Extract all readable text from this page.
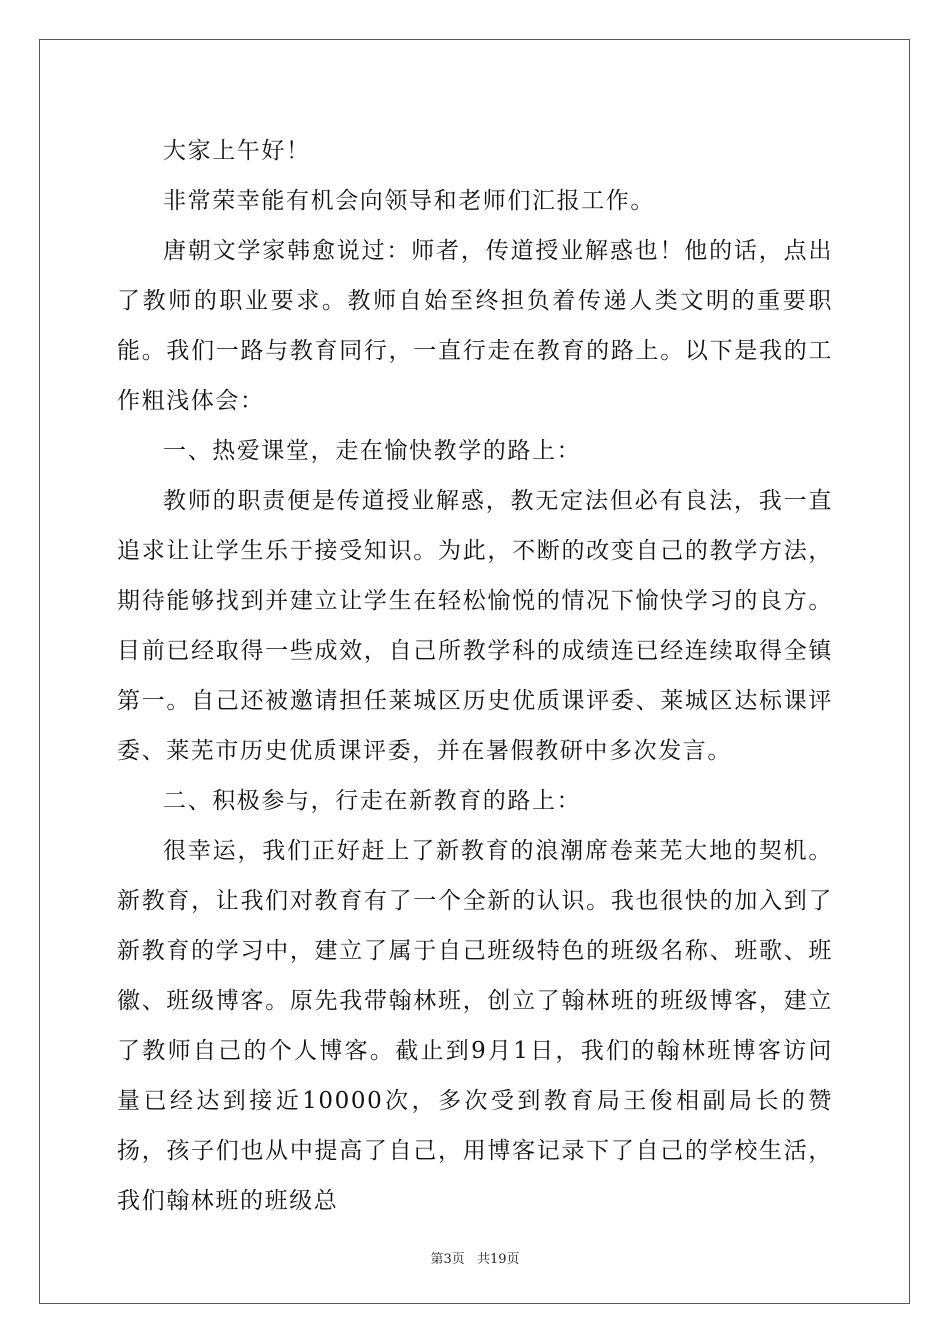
大家上午好！

非常荣幸能有机会向领导和老师们汇报工作。

唐朝文学家韩愈说过：师者，传道授业解惑也！他的话，点出了教师的职业要求。教师自始至终担负着传递人类文明的重要职能。我们一路与教育同行，一直行走在教育的路上。以下是我的工作粗浅体会：

一、热爱课堂，走在愉快教学的路上：

教师的职责便是传道授业解惑，教无定法但必有良法，我一直追求让让学生乐于接受知识。为此，不断的改变自己的教学方法，期待能够找到并建立让学生在轻松愉悦的情况下愉快学习的良方。目前已经取得一些成效，自己所教学科的成绩连已经连续取得全镇第一。自己还被邀请担任莱城区历史优质课评委、莱城区达标课评委、莱芜市历史优质课评委，并在暑假教研中多次发言。

二、积极参与，行走在新教育的路上：

很幸运，我们正好赶上了新教育的浪潮席卷莱芜大地的契机。新教育，让我们对教育有了一个全新的认识。我也很快的加入到了新教育的学习中，建立了属于自己班级特色的班级名称、班歌、班徽、班级博客。原先我带翰林班，创立了翰林班的班级博客，建立了教师自己的个人博客。截止到9月1日，我们的翰林班博客访问量已经达到接近10000次，多次受到教育局王俊相副局长的赞扬，孩子们也从中提高了自己，用博客记录下了自己的学校生活，我们翰林班的班级总

第3页 共19页
